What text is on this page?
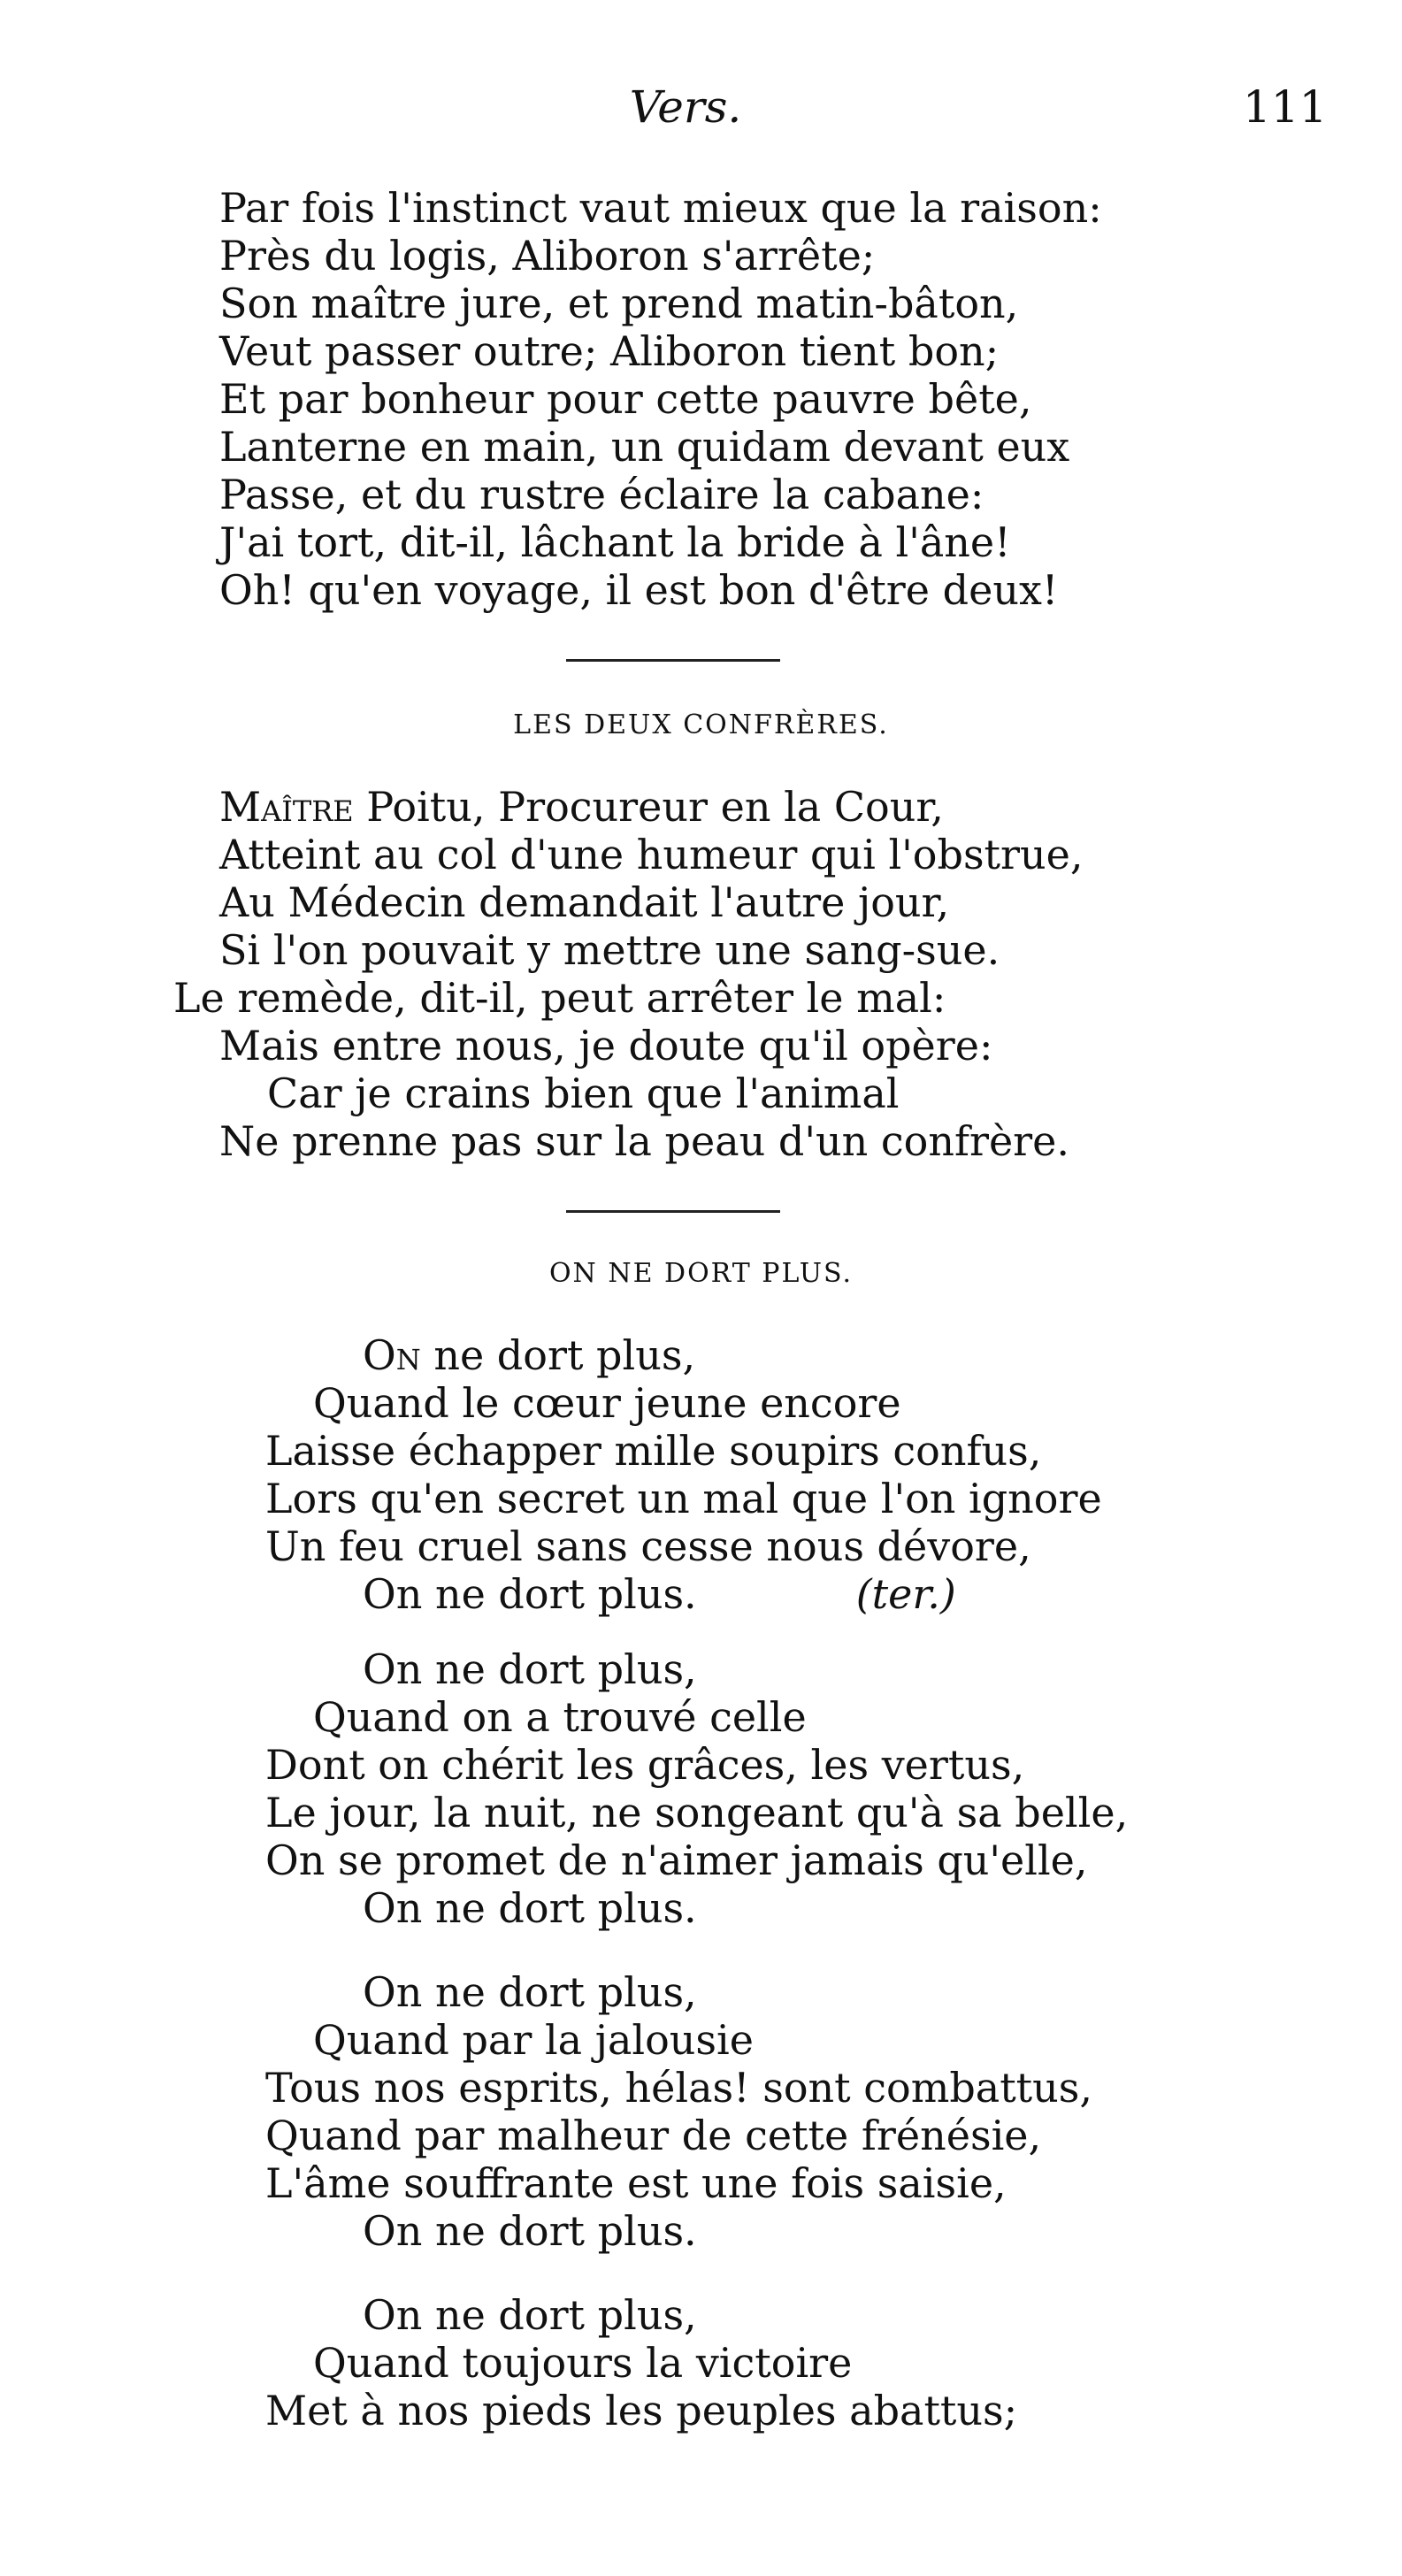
Vers.	111
Par fois l'instinct vaut mieux que la raison:
Près du logis, Aliboron s'arrête;
Son maître jure, et prend matin-bâton,
Veut passer outre; Aliboron tient bon;
Et par bonheur pour cette pauvre bête,
Lanterne en main, un quidam devant eux
Passe, et du rustre éclaire la cabane:
J'ai tort, dit-il, lâchant la bride à l'âne!
Oh! qu'en voyage, il est bon d'être deux!
LES DEUX CONFRÈRES.
Maître Poitu, Procureur en la Cour,
Atteint au col d'une humeur qui l'obstrue,
Au Médecin demandait l'autre jour,
Si l'on pouvait y mettre une sang-sue.
Le remède, dit-il, peut arrêter le mal:
Mais entre nous, je doute qu'il opère:
Car je crains bien que l'animal
Ne prenne pas sur la peau d'un confrère.
ON NE DORT PLUS.
On ne dort plus,
Quand le cœur jeune encore
Laisse échapper mille soupirs confus,
Lors qu'en secret un mal que l'on ignore
Un feu cruel sans cesse nous dévore,
On ne dort plus.	(ter.)
On ne dort plus,
Quand on a trouvé celle
Dont on chérit les grâces, les vertus,
Le jour, la nuit, ne songeant qu'à sa belle,
On se promet de n'aimer jamais qu'elle,
On ne dort plus.
On ne dort plus,
Quand par la jalousie
Tous nos esprits, hélas! sont combattus,
Quand par malheur de cette frénésie,
L'âme souffrante est une fois saisie,
On ne dort plus.
On ne dort plus,
Quand toujours la victoire
Met à nos pieds les peuples abattus;
